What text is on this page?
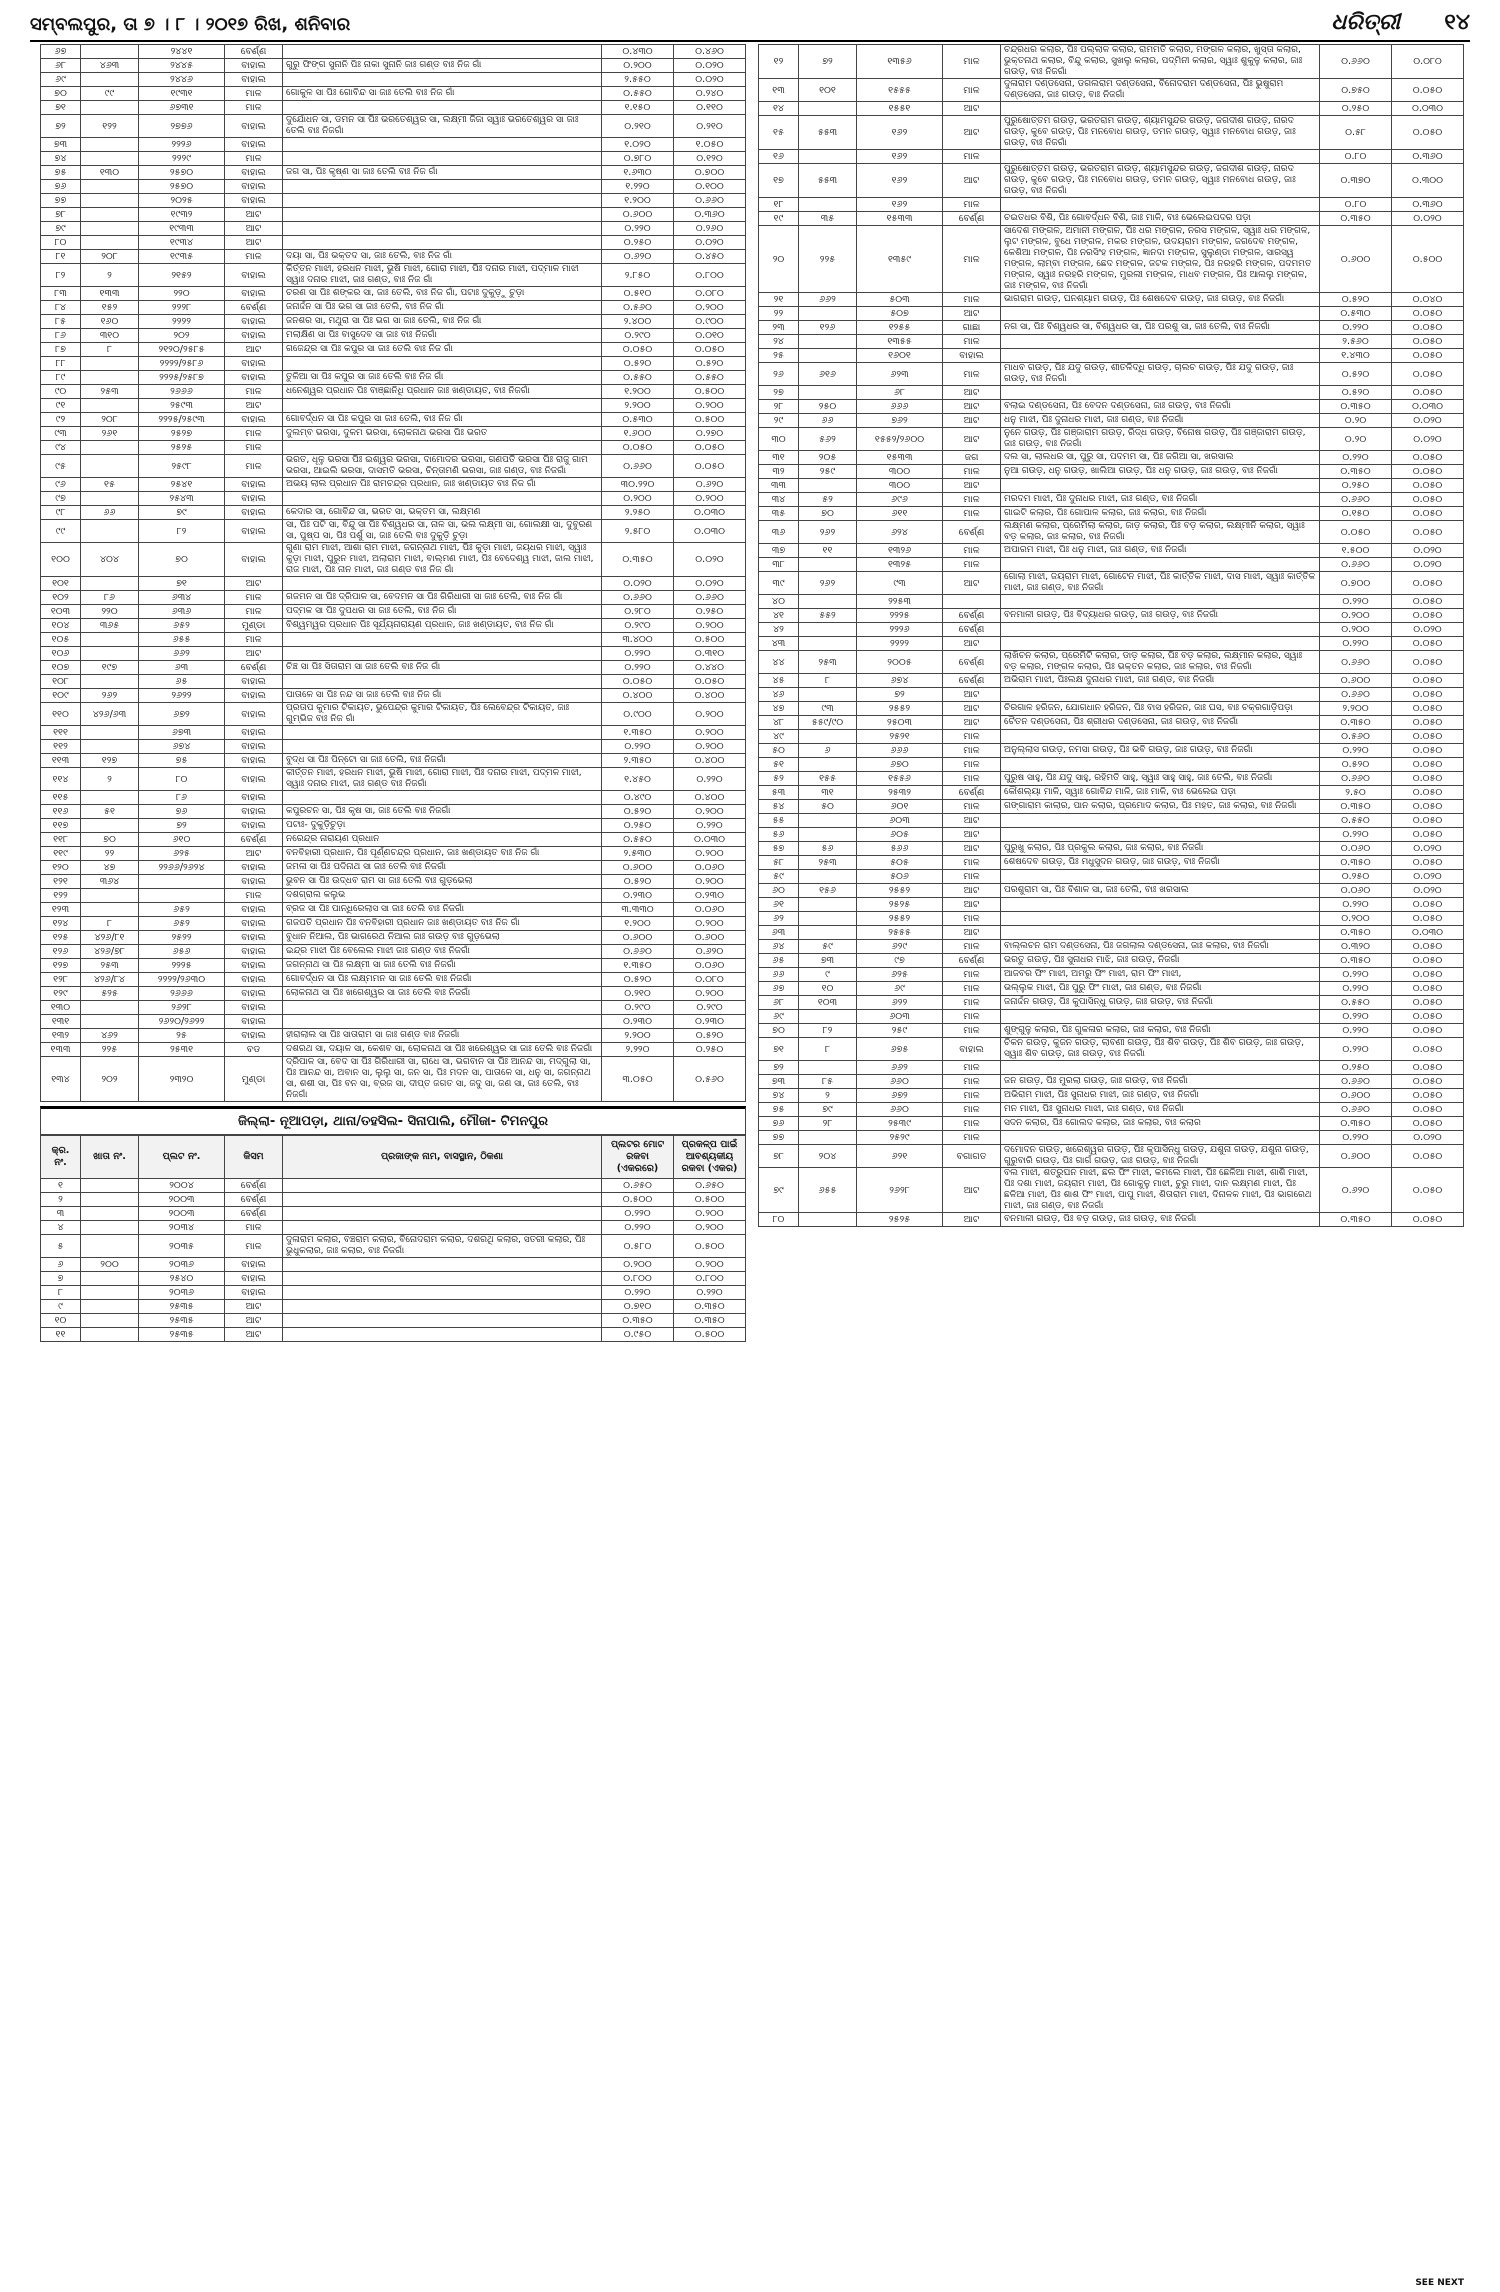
ସମ୍ବଲପୁର, ତା ୭ । ୮ । ୨୦୧୭ ରିଖ, ଶନିବାର	ଧରିତ୍ରୀ ୧୪
୬୭		୨୪୪୧	ବେର୍ଣ୍ଣ		୦.୪୩୦	୦.୪୬୦
୬୮	୪୬୩	୨୪୪୫	ବାହାଲ	ଗୁରୁ ଫିଙ୍ଗ ସୁନାନି ପିଃ ନାକା ସୁନାନି ଜାଃ ଗଣ୍ଡ ବାଃ ନିଜ ଗାଁ	୦.୨୦୦	୦.୦୨୦
୬୯		୨୪୪୬	ବାହାଲ		୨.୫୫୦	୦.୦୨୦
୭୦	୯୯	୧୯୩୧	ମାଳ	ଗୋକୁଳ ସା ପିଃ ଗୋବିନ୍ଦ ସା ଜାଃ ତେଲି ବାଃ ନିଜ ଗାଁ	୦.୫୫୦	୦.୨୪୦
୭୧		୬୭୩୧	ମାଳ		୧.୧୫୦	୦.୧୧୦
୭୨	୧୨୨	୨୭୭୬	ବାହାଲ	ଦୁର୍ଯୋଧନ ସା, ଡମନ ସା ପିଃ ଭରତେଶ୍ୱର ସା, ଲକ୍ଷ୍ମୀ ଜିଜା ସ୍ୱାଃ ଭରତେଶ୍ୱର ସା ଜାଃ ତେଲି ବାଃ ନିଜଗାଁ	୦.୨୧୦	୦.୨୧୦
୭୩		୨୨୨୬	ବାହାଲ		୧.୦୨୦	୧.୦୫୦
୭୪		୨୨୨୯	ମାଳ		୦.୭୮୦	୦.୧୨୦
୭୫	୧୩୦	୨୫୭୦	ବାହାଲ	ଜଗ ସା, ପିଃ କୃଷ୍ଣ ସା ଜାଃ ତେଲି ବାଃ ନିଜ ଗାଁ	୧.୬୩୦	୦.୭୦୦
୭୬		୨୫୭୦	ବାହାଲ		୧.୨୨୦	୦.୧୦୦
୭୭		୨୦୨୫	ବାହାଲ		୧.୨୦୦	୦.୬୬୦
୭୮		୧୯୩୨	ଆଟ		୦.୬୦୦	୦.୩୬୦
୭୯		୧୯୩୩	ଆଟ		୦.୨୨୦	୦.୨୬୦
୮୦		୧୯୩୪	ଆଟ		୦.୨୫୦	୦.୦୨୦
୮୧	୨୦୮	୧୯୩୫	ମାଳ	ଦୟା ସା, ପିଃ ଭକ୍ତଦ ସା, ଜାଃ ତେଲି, ବାଃ ନିଜ ଗାଁ	୦.୬୨୦	୦.୪୫୦
୮୨	୨	୨୧୫୨	ବାହାଲ	କିର୍ତ୍ତନ ମାଝୀ, ହରଧନ ମାଝୀ, ଭୁଷି ମାଝୀ, ଗୋରା ମାଝୀ, ପିଃ ଦନାର ମାଝୀ, ପଦ୍ମାଳ ମାଝୀ ସ୍ୱାଃ ଦନାର ମାଝୀ, ଜାଃ ଗଣ୍ଡ, ବାଃ ନିଜ ଗାଁ	୨.୮୫୦	୦.୮୦୦
୮୩	୧୩୩	୨୨୦	ବାହାଲ	ଚରଣ ସା ପିଃ ଶଙ୍କର ସା, ଜାଃ ତେଲି, ବାଃ ନିଜ ଗାଁ, ପଟାଃ ଦୁକୁଡ଼ୁ ଚୁଡ଼ା	୦.୫୧୦	୦.୦୮୦
୮୪	୧୫୨	୨୨୨୮	ବେର୍ଣ୍ଣ	ଜନାର୍ଦ୍ଦନ ସା ପିଃ ଭଗ ସା ଜାଃ ତେଲି, ବାଃ ନିଜ ଗାଁ	୦.୫୬୦	୦.୨୦୦
୮୫	୧୬୦	୨୨୨୨	ବାହାଲ	ଜନଶର ସା, ମଥୁରା ସା ପିଃ ଭଗ ସା ଜାଃ ତେଲି, ବାଃ ନିଜ ଗାଁ	୨.୪୦୦	୦.୯୦୦
୮୬	୩୧୦	୨୦୨	ବାହାଲ	ମଲାକ୍ଷିଣ ସା ପିଃ ବାସୁଦେବ ସା ଜାଃ ବାଃ ନିଜଗାଁ	୦.୨୯୦	୦.୦୧୦
୮୭	୮	୨୧୨୦/୨୫୮୫	ଆଟ	ଗଜେନ୍ଦ୍ର ସା ପିଃ କପୁର ସା ଜାଃ ତେଲି ବାଃ ନିଜ ଗାଁ	୦.୦୫୦	୦.୦୫୦
୮୮		୨୨୨୨/୨୫୮୬	ବାହାଲ		୦.୫୨୦	୦.୫୨୦
୮୯		୨୨୨୫/୨୫୮୭	ବାହାଲ	ତୁଳିଆ ସା ପିଃ କପୁର ସା ଜାଃ ତେଲି ବାଃ ନିଜ ଗାଁ	୦.୫୫୦	୦.୫୫୦
୯୦	୨୫୩	୨୬୬୬	ମାଳ	ଧନେଶ୍ୱର ପ୍ରଧାନ ପିଃ ବାଞ୍ଛାନିଧି ପ୍ରଧାନ ଜାଃ ଖଣ୍ଡାୟତ, ବାଃ ନିଜଗାଁ	୧.୨୦୦	୦.୫୦୦
୯୧		୨୫୯୩	ଆଟ		୨.୨୦୦	୦.୨୦୦
୯୨	୨୦୮	୨୨୨୫/୨୫୯୩	ବାହାଲ	ଗୋବର୍ଦ୍ଧନ ସା ପିଃ କପୁର ସା ଜାଃ ତେଲି, ବାଃ ନିଜ ଗାଁ	୦.୫୩୦	୦.୫୦୦
୯୩	୨୬୧	୨୫୨୭	ମାଳ	ଦୁଲମ୍ବ ଭରସା, ଦୁଳମ ଭରସା, ଲୋକନାଥ ଭରସା ପିଃ ଭରତ	୧.୬୦୦	୦.୨୭୦
୯୪		୨୫୨୫	ମାଳ		୦.୦୫୦	୦.୦୫୦
୯୫		୨୫୯୮	ମାଳ	ଭରତ, ଧୂଳୁ ଭରସା ପିଃ ଇଶ୍ୱର ଭରସା, ଦାମୋଦର ଭରସା, ଗଣପତି ଭରସା ପିଃ ରାଜୁ ଗାମ ଭରସା, ଆଇଲି ଭରସା, ଦାସମତି ଭରସା, ଚିନ୍ତାମଣି ଭରସା, ଜାଃ ଗଣ୍ଡ, ବାଃ ନିଜଗାଁ	୦.୬୬୦	୦.୦୫୦
୯୬	୧୫	୨୫୪୧	ବାହାଲ	ଅଭୟ ଲାଲ ପ୍ରଧାନ ପିଃ ରାମଚନ୍ଦ୍ର ପ୍ରଧାନ, ଜାଃ ଖଣ୍ଡାୟତ ବାଃ ନିଜ ଗାଁ	୩୦.୨୨୦	୦.୬୨୦
୯୭		୨୫୪୩	ବାହାଲ		୦.୨୦୦	୦.୨୦୦
୯୮	୬୬	୭୯	ବାହାଲ	କେଦାର ସା, ଗୋବିନ୍ଦ ସା, ଭରତ ସା, ଭକ୍ତମ ସା, ଲକ୍ଷ୍ମଣ	୨.୨୫୦	୦.୦୩୦
୯୯		୮୨	ବାହାଲ	ସା, ପିଃ ପଟି ସା, ବିନ୍ଦୁ ସା ପିଃ ବିଶ୍ୱଧର ସା, ନାଳ ସା, ଭଲ ଲକ୍ଷ୍ମୀ ସା, ଗୋଲକ୍ଷୀ ସା, ଦୁବୁରଣ ସା, ପୁଷ୍ପ ସା, ପିଃ ପର୍ଶୁ ସା, ଜାଃ ତେଲି ବାଃ ଦୁକୁଡ଼ି ଚୁଡ଼ା	୨.୫୮୦	୦.୦୩୦
୧୦୦	୪୦୪	୭୦	ବାହାଲ	ଗୁଣା ରାମ ମାଝୀ, ଆଶା ରାମ ମାଝୀ, ଜଗନ୍ନାଥ ମାଝୀ, ପିଃ କୁଡ଼ା ମାଝୀ, ଜୟଧର ମାଝୀ, ସ୍ୱାଃ କୁଡ଼ା ମାଝୀ, ପୁରୁନ ମାଝୀ, ଅଲାରାମ ମାଝୀ, ବାଲ୍ମଣ ମାଝୀ, ପିଃ ବେଦେଶ୍ୱ ମାଝୀ, ଜାଲ ମାଝୀ, ରାଜ ମାଝୀ, ପିଃ ନାନ ମାଝୀ, ଜାଃ ଗଣ୍ଡ ବାଃ ନିଜ ଗାଁ	୦.୩୫୦	୦.୦୨୦
୧୦୧		୭୧	ଆଟ		୦.୦୨୦	୦.୦୨୦
୧୦୨	୮୬	୬୩୪	ମାଳ	ଗଜମନ ସା ପିଃ ଦ୍ରିପାଳ ସା, ବେଦମନ ସା ପିଃ ଗିରିଧାରୀ ସା ଜାଃ ତେଲି, ବାଃ ନିଜ ଗାଁ	୦.୬୬୦	୦.୬୬୦
୧୦୩	୨୨୦	୬୩୬	ମାଳ	ପଦ୍ମକ ସା ପିଃ ଦୁପଧର ସା ଜାଃ ତେଲି, ବାଃ ନିଜ ଗାଁ	୦.୨୮୦	୦.୨୫୦
୧୦୪	୩୬୫	୬୫୨	ମୁଣ୍ଡା	ବିଶ୍ୱମ୍ୱର ପ୍ରଧାନ ପିଃ ସୂର୍ଯ୍ୟନାରାୟଣ ପ୍ରଧାନ, ଜାଃ ଖଣ୍ଡାୟତ, ବାଃ ନିଜ ଗାଁ	୦.୨୯୦	୦.୨୦୦
୧୦୫		୬୫୫	ମାଳ		୩.୪୦୦	୦.୫୦୦
୧୦୬		୬୬୨	ଆଟ		୦.୨୨୦	୦.୩୧୦
୧୦୭	୧୯୭	୬୩	ବେର୍ଣ୍ଣ	ଚିଞ୍ଚ ସା ପିଃ ସିତାରାମ ସା ଜାଃ ତେଲି ବାଃ ନିଜ ଗାଁ	୦.୨୨୦	୦.୪୪୦
୧୦୮		୬୫	ବାହାଲ		୦.୦୫୦	୦.୦୫୦
୧୦୯	୨୬୨	୨୬୨୨	ବାହାଲ	ପାତାଳେ ସା ପିଃ ନନ୍ଦ ସା ଜାଃ ତେଲି ବାଃ ନିଜ ଗାଁ	୦.୪୦୦	୦.୪୦୦
୧୧୦	୪୨୬/୬୩	୬୭୨	ବାହାଲ	ପ୍ରତାପ କୁମାର ଟିକାୟତ, ଭୁପେନ୍ଦ୍ର କୁମାର ଟିକାୟତ, ପିଃ ଲେବେନ୍ଦ୍ର ଟିକାୟତ, ଜାଃ ଗୁମ୍ଭିଜ ବାଃ ନିଜ ଗାଁ	୦.୯୦୦	୦.୨୦୦
୧୧୧		୬୭୩	ବାହାଲ		୧.୩୫୦	୦.୨୦୦
୧୧୨		୬୭୪	ବାହାଲ		୦.୨୨୦	୦.୨୦୦
୧୧୩	୧୨୭	୭୫	ବାହାଲ	ବୁଦ୍ଧ ସା ପିଃ ପିନ୍ଟୋ ସା ଜାଃ ତେଲି, ବାଃ ନିଜଗାଁ	୨.୩୫୦	୦.୪୦୦
୧୧୪	୨	୮୦	ବାହାଲ	କୀର୍ତ୍ତନ ମାଝୀ, ହରଧନ ମାଝୀ, ଭୁଷି ମାଝୀ, ଗୋରା ମାଝୀ, ପିଃ ଦନାର ମାଝୀ, ପଦ୍ମଳ ମାଝୀ, ସ୍ୱାଃ ଦନାର ମାଝୀ, ଜାଃ ଗଣ୍ଡ ବାଃ ନିଜଗାଁ	୧.୪୫୦	୦.୨୨୦
୧୧୫		୮୬	ବାହାଲ		୦.୪୯୦	୦.୪୦୦
୧୧୬	୫୧	୭୬	ବାହାଲ	କପୁରଚନ ସା, ପିଃ କୃଷ ସା, ଜାଃ ତେଲି ବାଃ ନିଜଗାଁ	୦.୫୨୦	୦.୨୦୦
୧୧୭		୭୨	ବାହାଲ	ପଟାଃ- ଦୁକୁଡ଼ିଚୁଡ଼ା	୦.୨୫୦	୦.୨୨୦
୧୧୮	୭୦	୬୧୦	ବେର୍ଣ୍ଣ	ନରେନ୍ଦ୍ର ନାରାୟଣ ପ୍ରଧାନ	୦.୫୫୦	୦.୦୩୦
୧୧୯	୨୨	୬୨୫	ଆଟ	ବନବିହାରୀ ପ୍ରଧାନ, ପିଃ ପୂର୍ଣ୍ଣଚନ୍ଦ୍ର ପ୍ରଧାନ, ଜାଃ ଖଣ୍ଡାୟତ ବାଃ ନିଜ ଗାଁ	୨.୫୩୦	୦.୨୦୦
୧୨୦	୪୭	୨୨୬୬/୨୬୨୪	ବାହାଲ	ଜମଳା ସା ପିଃ ପଦିନାଥ ସା ଜାଃ ତେଲି ବାଃ ନିଜଗାଁ	୦.୬୦୦	୦.୦୬୦
୧୨୧	୩୬୪		ବାହାଲ	ଭୁବନ ସା ପିଃ ଉଦ୍ଧବ ରାମ ସା ଜାଃ ତେଲି ବାଃ ଗୁଡ଼ଭେଲା	୦.୫୨୦	୦.୨୦୦
୧୨୨			ମାଳ	ଦଶଗ୍ରାଲ କଲୁଭ	୦.୨୩୦	୦.୨୩୦
୧୨୩		୬୫୨	ବାହାଲ	ବ୍ରଜ ସା ପିଃ ପାନ୍ଧିରେଲାସ ସା ଜାଃ ତେଲି ବାଃ ନିଜଗାଁ	୩.୩୩୦	୦.୦୬୦
୧୨୪	୮	୬୫୨	ବାହାଲ	ଗଜପତି ପ୍ରଧାନ ପିଃ ବନବିହାରୀ ପ୍ରଧାନ ଜାଃ ଖଣ୍ଡାୟତ ବାଃ ନିଜ ଗାଁ	୧.୨୦୦	୦.୨୦୦
୧୨୫	୪୨୬/୮୧	୨୫୨୨	ବାହାଲ	ବୁଧାନ ନିଆଲ, ପିଃ ଭାଗରେଥ ନିଆଲ ଜାଃ ଗଉଡ଼ ବାଃ ଗୁଡ଼ଭେଲା	୦.୬୦୦	୦.୬୦୦
୧୨୬	୪୨୬/୭୮	୬୫୬	ବାହାଲ	ଇନ୍ଦ୍ର ମାଝୀ ପିଃ ବେଲେଲ ମାଝୀ ଜାଃ ଗଣ୍ଡ ବାଃ ନିଜଗାଁ	୦.୬୬୦	୦.୬୨୦
୧୨୭	୨୫୩	୨୨୨୫	ବାହାଲ	ଜଗନ୍ନାଥ ସା ପିଃ ଲକ୍ଷ୍ମୀ ସା ଜାଃ ତେଲି ବାଃ ନିଜଗାଁ	୧.୩୫୦	୦.୦୬୦
୧୨୮	୪୨୬/୮୪	୨୨୨୨/୨୬୩୦	ବାହାଲ	ଗୋବର୍ଦ୍ଧନ ସା ପିଃ ଲକ୍ଷ୍ମମନ ସା ଜାଃ ତେଲି ବାଃ ନିଜଗାଁ	୦.୫୨୦	୦.୦୮୦
୧୨୯	୫୨୫	୨୬୬୬	ବାହାଲ	ଲୋକନାଥ ସା ପିଃ ଖଗେଶ୍ୱର ସା ଜାଃ ତେଲି ବାଃ ନିଜଗାଁ	୦.୨୧୦	୦.୨୦୦
୧୩୦		୨୬୨୮	ବାହାଲ		୦.୨୯୦	୦.୨୯୦
୧୩୧		୨୬୨୦/୨୬୨୨	ବାହାଲ		୦.୨୩୦	୦.୨୩୦
୧୩୨	୪୬୨	୨୫	ବାହାଲ	ହୀରାଲାଲ ସା ପିଃ ସାତାରାମ ସା ଜାଃ ଗଣ୍ଡ ବାଃ ନିଜଗାଁ	୨.୨୦୦	୦.୫୨୦
୧୩୩	୨୨୫	୨୫୩୧	ବଡ	ଦଶରଥ ସା, ଦୟାଳ ସା, କେଶବ ସା, ଲୋକନାଥ ସା ପିଃ ଖରେଶ୍ୱର ସା ଜାଃ ତେଲି ବାଃ ନିଜଗାଁ	୨.୨୨୦	୦.୨୫୦
୧୩୪	୨୦୨	୨୩୨୦	ମୁଣ୍ଡା	ଦ୍ରିପାଳ ସା, ବେଦ ସା ପିଃ ଗିରିଧାରୀ ସା, ରାଧେ ସା, ଭଗବାନ ସା ପିଃ ଆନନ୍ଦ ସା, ମଦ୍ଗୁଲା ସା, ପିଃ ଆନନ୍ଦ ସା, ଅବାନ ସା, ଲୁଲୁ ସା, ଜନ ସା, ପିଃ ମଦନ ସା, ପାତାଳେ ସା, ଧନୁ ସା, ଜଗନ୍ନାଥ ସା, ଶଶୀ ସା, ପିଃ ବନ ସା, ବ୍ରଜ ସା, ଦୀପ୍ତ ଜଗତ ସା, ଜଦୁ ସା, ଜଣ ସା, ଜାଃ ତେଲି, ବାଃ ନିଜଗାଁ	୩.୦୫୦	୦.୫୬୦
ଜିଲ୍ଲା- ନୂଆପଡ଼ା, ଥାନା/ତହସିଲ- ସିନାପାଲି, ମୌଜା- ଟିମନପୁର
କ୍ର. ନଂ.	ଖାତା ନଂ.	ପ୍ଲଟ ନଂ.	କିସମ	ପ୍ରଜାଙ୍କ ନାମ, ବାସସ୍ଥାନ, ଠିକଣା	ପ୍ଲଟର ମୋଟ ରକବା (ଏକରରେ)	ପ୍ରକଳ୍ପ ପାଇଁ ଆବଶ୍ୟକୀୟ ରକବା (ଏକର)
୧		୨୦୦୪	ବେର୍ଣ୍ଣ		୦.୬୫୦	୦.୬୫୦
୨		୨୦୦୩	ବେର୍ଣ୍ଣ		୦.୫୦୦	୦.୫୦୦
୩		୨୦୦୩	ବେର୍ଣ୍ଣ		୦.୨୨୦	୦.୨୦୦
୪		୨୦୩୪	ମାଳ		୦.୨୨୦	୦.୨୦୦
୫		୨୦୩୫	ମାଳ	ଦୁଳାରାମ କଲାର, ବଞ୍ଚରାମ କଲାର, ବିନୋଦରାମ କଲାର, ଦଶରଥି କଲାର, ସତରୀ କଲାର, ପିଃ ଭୁଧୁକଲାର, ଜାଃ କଲାର, ବାଃ ନିଜଗାଁ	୦.୫୮୦	୦.୫୦୦
୬	୨୦୦	୨୦୩୬	ବାହାଲ		୦.୨୦୦	୦.୨୦୦
୭		୨୫୪୦	ବାହାଲ		୦.୮୦୦	୦.୮୦୦
୮		୨୦୩୬	ବାହାଲ		୦.୨୨୦	୦.୨୨୦
୯		୨୫୩୫	ଆଟ		୦.୭୧୦	୦.୩୫୦
୧୦		୨୫୩୫	ଆଟ		୦.୩୫୦	୦.୩୫୦
୧୧		୨୫୩୫	ଆଟ		୦.୯୫୦	୦.୫୦୦
୧୨	୭୨	୧୩୫୬	ମାଳ	ଚନ୍ଦ୍ରଧର କଲାର, ପିଃ ପଲ୍ଲାଳ କଲାର, ରାମମତି କଲାର, ମଙ୍ଗଳ କଲାର, ଖୁସ୍ତା କଲାର, ଭୁକ୍ତନାଥ କଲାର, ବିନ୍ଦୁ କଲାର, ସୁଖଲୁ କଲାର, ପଦ୍ମିନୀ କଲାର, ସ୍ୱାଃ ଶୁକୁଳୁ କଲାର, ଜାଃ ଗଉଡ଼, ବାଃ ନିଜଗାଁ	୦.୬୬୦	୦.୦୮୦
୧୩	୧୦୧	୧୫୫୫	ମାଳ	ଦୁଳାରାମ ଦଣ୍ଡସେନା, ଡଗଲରାମ ଦଣ୍ଡସେନା, ବିନୋଦରାମ ଦଣ୍ଡସେନା, ପିଃ ଭୁଷୁରାମ ଦଣ୍ଡସେନା, ଜାଃ ଗଉଡ଼, ବାଃ ନିଜଗାଁ	୦.୭୫୦	୦.୦୫୦
୧୪		୧୫୫୧	ଆଟ		୦.୨୫୦	୦.୦୩୦
୧୫	୫୫୩	୧୬୨	ଆଟ	ପୁରୁଷୋତ୍ତମ ଗଉଡ଼, ଭରତରାମ ଗଉଡ଼, ଶ୍ୟାମସୁନ୍ଦର ଗଉଡ଼, ଜଗଦୀଶ ଗଉଡ଼, ନାରଦ ଗଉଡ଼, କୁବେ ଗଉଡ଼, ପିଃ ମନବୋଧ ଗଉଡ଼, ଡମନ ଗଉଡ଼, ସ୍ୱାଃ ମନବୋଧ ଗଉଡ଼, ଜାଃ ଗଉଡ଼, ବାଃ ନିଜଗାଁ	୦.୫୮	୦.୦୫୦
୧୬		୧୬୨	ମାଳ		୦.୮୦	୦.୩୬୦
୧୭	୫୫୩	୧୬୨	ଆଟ	ପୁରୁଷୋତ୍ତମ ଗଉଡ଼, ଭରତରାମ ଗଉଡ଼, ଶ୍ୟାମସୁନ୍ଦର ଗଉଡ଼, ଜଗଦୀଶ ଗଉଡ଼, ନାରଦ ଗଉଡ଼, କୁବେ ଗଉଡ଼, ପିଃ ମନବୋଧ ଗଉଡ଼, ଡମନ ଗଉଡ଼, ସ୍ୱାଃ ମନବୋଧ ଗଉଡ଼, ଜାଃ ଗଉଡ଼, ବାଃ ନିଜଗାଁ	୦.୩୭୦	୦.୩୦୦
୧୮		୧୬୨	ମାଳ		୦.୮୦	୦.୩୬୦
୧୯	୩୫	୧୫୩୩	ବେର୍ଣ୍ଣ	ଚଇତଧର ବିଶି, ପିଃ ଗୋବର୍ଦ୍ଧନ ବିଶି, ଜାଃ ମାଳି, ବାଃ ଭେଲେଇପଦର ପଡ଼ା	୦.୩୫୦	୦.୦୨୦
୨୦	୨୨୫	୧୩୫୯	ମାଳ	ସାଦେଶ ମଙ୍ଗଳ, ଅମାନୀ ମଙ୍ଗଳ, ପିଃ ଧର ମଙ୍ଗଳ, ନରସ ମଙ୍ଗଳ, ସ୍ୱାଃ ଧର ମଙ୍ଗଳ, ଲୁଟ ମଙ୍ଗଳ, ବୁଧେ ମଙ୍ଗଳ, ମକର ମଙ୍ଗଳ, ଉଦୟରାମ ମଙ୍ଗଳ, ଜଗଦେବ ମଙ୍ଗଳ, କେଶିଆ ମଙ୍ଗଳ, ପିଃ ନରସିଂହ ମଙ୍ଗଳ, ଜ୍ଞାନଦା ମଙ୍ଗଳ, ସୁଲୁଣ୍ଡା ମଙ୍ଗଳ, ସାରସ୍ୱ ମଙ୍ଗଳ, ଲାମ୍ବା ମଙ୍ଗଳ, ଛେଦ ମଙ୍ଗଳ, ଜଟକ ମଙ୍ଗଳ, ପିଃ ନରହରି ମଙ୍ଗଳ, ପଦମମତ ମଙ୍ଗଳ, ସ୍ୱାଃ ନରହରି ମଙ୍ଗଳ, ମୁରଲୀ ମଙ୍ଗଳ, ମାଧବ ମଙ୍ଗଳ, ପିଃ ଆଲଲୁ ମଙ୍ଗଳ, ଜାଃ ମଙ୍ଗଳ, ବାଃ ନିଜଗାଁ	୦.୬୦୦	୦.୫୦୦
୨୧	୬୬୨	୫୦୩	ମାଳ	ଭାଗରାମ ଗଉଡ଼, ଘନଶ୍ୟାମ ଗଉଡ଼, ପିଃ ଶେଷଦେବ ଗଉଡ଼, ଜାଃ ଗଉଡ଼, ବାଃ ନିଜଗାଁ	୦.୫୨୦	୦.୦୪୦
୨୨		୫୦୭	ଆଟ		୦.୫୩୦	୦.୦୫୦
୨୩	୧୨୬	୧୨୫୫	ଗାଛା	ନଗ ସା, ପିଃ ବିଶ୍ୱଧର ସା, ବିଶ୍ୱଧର ସା, ପିଃ ପରଶୁ ସା, ଜାଃ ତେଲି, ବାଃ ନିଜଗାଁ	୦.୨୨୦	୦.୦୫୦
୨୪		୧୩୫୫	ମାଳ		୨.୫୬୦	୦.୦୫୦
୨୫		୧୬୦୧	ବାହାଲ		୧.୪୩୦	୦.୦୫୦
୨୬	୬୧୬	୬୨୩	ମାଳ	ମାଧବ ଗଉଡ଼, ପିଃ ଯଦୁ ଗଉଡ଼, ଶୀତଳିଦ୍ଧି ଗଉଡ଼, ଚାଲଚ ଗଉଡ଼, ପିଃ ଯଦୁ ଗଉଡ଼, ଜାଃ ଗଉଡ଼, ବାଃ ନିଜଗାଁ	୦.୫୨୦	୦.୦୫୦
୨୭		୬୮	ଆଟ		୦.୫୨୦	୦.୦୫୦
୨୮	୨୫୦	୬୬୬	ଆଟ	ବଲାଇ ଦଣ୍ଡସେନା, ପିଃ ବେଦନ ଦଣ୍ଡସେନା, ଜାଃ ଗଉଡ଼, ବାଃ ନିଜଗାଁ	୦.୩୫୦	୦.୦୩୦
୨୯	୬୬	୭୬୨	ଆଟ	ଧନୁ ମାଝୀ, ପିଃ ଦୁନାଧର ମାଝୀ, ଜାଃ ଗଣ୍ଡ, ବାଃ ନିଜଗାଁ	୦.୨୦	୦.୦୨୦
୩୦	୫୬୨	୧୫୫୨/୨୬୦୦	ଆଟ	ନୁନେ ଗଉଡ଼, ପିଃ ଗଞ୍ଜାରାମ ଗଉଡ଼, ରିଦ୍ଧ ଗଉଡ଼, ବିନୋଷ ଗଉଡ଼, ପିଃ ଗଞ୍ଜାରାମ ଗଉଡ଼, ଜାଃ ଗଉଡ଼, ବାଃ ନିଜଗାଁ	୦.୨୦	୦.୦୨୦
୩୧	୨୦୫	୧୫୩୩	ଜଗ	ଦଲ ସା, ଲାଲଧର ସା, ପୁରୁ ସା, ପଦମମ ସା, ପିଃ ଜଗିଆ ସା, ଖରସାଲ	୦.୨୨୦	୦.୦୫୦
୩୨	୨୫୯	୩୦୦	ମାଳ	ନୁଆ ଗଉଡ଼, ଧନୁ ଗଉଡ଼, ଖାଲିଆ ଗଉଡ଼, ପିଃ ଧନୁ ଗଉଡ଼, ଜାଃ ଗଉଡ଼, ବାଃ ନିଜଗାଁ	୦.୩୫୦	୦.୦୫୦
୩୩		୩୦୦	ଆଟ		୦.୨୫୦	୦.୦୫୦
୩୪	୫୨	୬୯୬	ମାଳ	ମରଦମ ମାଝୀ, ପିଃ ଦୁନାଧର ମାଝୀ, ଜାଃ ଗଣ୍ଡ, ବାଃ ନିଜଗାଁ	୦.୬୬୦	୦.୦୫୦
୩୫	୭୦	୬୧୧	ମାଳ	ଗାଇଟି କଲାର, ପିଃ ଗୋପାଳ କଲାର, ଜାଃ କଲାର, ବାଃ ନିଜଗାଁ	୦.୧୫୦	୦.୦୫୦
୩୬	୨୬୨	୬୨୪	ବେର୍ଣ୍ଣ	ଲକ୍ଷ୍ମଣ କଲାର, ପ୍ରେମିଲା କଲାର, ଜାଡ଼ କଲାର, ପିଃ ବଡ଼ କଲାର, ଲକ୍ଷ୍ମୀନି କଲାର, ସ୍ୱାଃ ବଡ଼ କଲାର, ଜାଃ କଲାର, ବାଃ ନିଜଗାଁ	୦.୦୫୦	୦.୦୫୦
୩୭	୧୧	୧୩୨୬	ମାଳ	ଅପାରମ ମାଝୀ, ପିଃ ଧନୁ ମାଝୀ, ଜାଃ ଗଣ୍ଡ, ବାଃ ନିଜଗାଁ	୧.୫୦୦	୦.୦୨୦
୩୮		୧୩୨୫	ମାଳ		୦.୬୬୦	୦.୦୨୦
୩୯	୨୬୨	୯୩	ଆଟ	ଗୋଲା ମାଝୀ, ଜୟରାମ ମାଝୀ, ଗୋଟେନ ମାଝୀ, ପିଃ କାର୍ତ୍ତିକ ମାଝୀ, ଦାସ ମାଝୀ, ସ୍ୱାଃ କାର୍ତ୍ତିକ ମାଝୀ, ଜାଃ ଗଣ୍ଡ, ବାଃ ନିଜଗାଁ	୦.୭୦୦	୦.୦୫୦
୪୦		୨୨୫୩			୦.୨୨୦	୦.୦୫୦
୪୧	୫୫୨	୨୨୨୫	ବେର୍ଣ୍ଣ	ବନମାଳୀ ଗଉଡ଼, ପିଃ ବିଦ୍ୟାଧର ଗଉଡ଼, ଜାଃ ଗଉଡ଼, ବାଃ ନିଜଗାଁ	୦.୨୦୦	୦.୦୫୦
୪୨		୨୨୨୬	ବେର୍ଣ୍ଣ		୦.୨୦୦	୦.୦୨୦
୪୩		୨୨୨୨	ଆଟ		୦.୨୨୦	୦.୦୫୦
୪୪	୨୫୩	୨୦୦୫	ବେର୍ଣ୍ଣ	ଲାଖିଚନ କଲାର, ପ୍ରେମିଟି କଲାର, ଡାଡ଼ କଲାର, ପିଃ ବଡ଼ କଲାର, ଲକ୍ଷ୍ମୀନ କଲାର, ସ୍ୱାଃ ବଡ଼ କଲାର, ମଙ୍ଗଳ କଲାର, ପିଃ ଭକ୍ତନ କଲାର, ଜାଃ କଲାର, ବାଃ ନିଜଗାଁ	୦.୬୬୦	୦.୦୫୦
୪୫	୮	୬୭୪	ବେର୍ଣ୍ଣ	ଅଭିରାମ ମାଝୀ, ପିଃଲକ୍ଷ ଦୁନାଧର ମାଝୀ, ଜାଃ ଗଣ୍ଡ, ବାଃ ନିଜଗାଁ	୦.୬୦୦	୦.୦୫୦
୪୬		୭୨	ଆଟ		୦.୬୬୦	୦.୦୫୦
୪୭	୯୩	୨୫୫୨	ଆଟ	ଚିରଗାଳ ହରିଜନ, ଯୋଗଧାନ ହରିଜନ, ପିଃ ବାସ ହରିଜନ, ଜାଃ ଘସ, ବାଃ ଚକ୍ରଗାଡ଼ିପଡ଼ା	୨.୨୦୦	୦.୦୫୦
୪୮	୫୫୯/୯୦	୨୫୦୩	ଆଟ	ଚୈତନ ଦଣ୍ଡସେନା, ପିଃ ଶ୍ରୀଧର ଦଣ୍ଡସେନା, ଜାଃ ଗଉଡ଼, ବାଃ ନିଜଗାଁ	୦.୩୫୦	୦.୦୫୦
୪୯		୨୫୨୧	ମାଳ		୦.୫୬୦	୦.୦୫୦
୫୦	୬	୬୬୬	ମାଳ	ଅନୁଲ୍ଲାସ ଗଉଡ଼, ନମସା ଗଉଡ଼, ପିଃ ଭବି ଗଉଡ଼, ଜାଃ ଗଉଡ଼, ବାଃ ନିଜଗାଁ	୦.୨୨୦	୦.୦୫୦
୫୧		୬୭୦	ମାଳ		୦.୫୨୦	୦.୦୫୦
୫୨	୧୫୫	୧୫୫୬	ମାଳ	ପୁରୁଷ ସାହୁ, ପିଃ ଯଦୁ ସାହୁ, ରହିମତି ସାହୁ, ସ୍ୱାଃ ସାହୁ ସାହୁ, ଜାଃ ତେଲି, ବାଃ ନିଜଗାଁ	୦.୬୬୦	୦.୦୫୦
୫୩	୩୧	୨୫୩୨	ବେର୍ଣ୍ଣ	କୌଶଲ୍ୟା ମାଳି, ସ୍ୱାଃ ଗୋବିନ୍ଦ ମାଳି, ଜାଃ ମାଳି, ବାଃ ଭେଲେଇ ପଡ଼ା	୨.୫୦	୦.୦୫୦
୫୪	୫୦	୬୦୧	ମାଳ	ଗଙ୍ଗାରାମ କାଲାର, ପାନ କଲାର, ପ୍ରମୋଦ କଲାର, ପିଃ ମହତ, ଜାଃ କଲାର, ବାଃ ନିଜଗାଁ	୦.୩୫୦	୦.୦୫୦
୫୫		୬୦୩	ଆଟ		୦.୫୫୦	୦.୦୫୦
୫୬		୬୦୫	ଆଟ		୦.୨୨୦	୦.୦୫୦
୫୭	୫୬	୫୬୬	ଆଟ	ପୁରୁଖୁ କଲାର, ପିଃ ପ୍ରକୁଲ କଲାର, ଜାଃ କଲାର, ବାଃ ନିଜଗାଁ	୦.୦୬୦	୦.୦୨୦
୫୮	୨୫୩	୫୦୫	ମାଳ	ଶେଷଦେବ ଗଉଡ଼, ପିଃ ମଧୁସୁଦନ ଗଉଡ଼, ଜାଃ ଗଉଡ଼, ବାଃ ନିଜଗାଁ	୦.୩୫୦	୦.୦୫୦
୫୯		୫୦୬	ମାଳ		୦.୨୫୦	୦.୦୨୦
୬୦	୧୫୬	୨୫୫୨	ଆଟ	ପରଶୁରାମ ସା, ପିଃ ବିଶାଳ ସା, ଜାଃ ତେଲି, ବାଃ ଖରସାଲ	୦.୦୬୦	୦.୦୨୦
୬୧		୨୫୨୫	ଆଟ		୦.୨୨୦	୦.୦୫୦
୬୨		୨୫୫୨	ମାଳ		୦.୨୦୦	୦.୦୫୦
୬୩		୨୫୫୫	ଆଟ		୦.୩୫୦	୦.୦୩୦
୬୪	୫୯	୬୨୯	ମାଳ	ବାଲ୍ଲଚନ ରାମ ଦଣ୍ଡସେନା, ପିଃ ଜଗଲାଲ ଦଣ୍ଡସେନା, ଜାଃ କଲାର, ବାଃ ନିଜଗାଁ	୦.୩୨୦	୦.୦୫୦
୬୫	୭୩	୯୭	ବେର୍ଣ୍ଣ	ଭରତୁ ଗଉଡ଼, ପିଃ ସୁନାଧର ମାଝି, ଜାଃ ଗଉଡ଼, ନିଜଗାଁ	୦.୩୫୦	୦.୦୫୦
୬୬	୯	୬୨୫	ମାଳ	ଆଜବର ଫିଂ ମାଝୀ, ଅମରୁ ଫିଂ ମାଝୀ, ରାମ ଫିଂ ମାଝୀ,	୦.୨୨୦	୦.୦୫୦
୬୭	୧୦	୬୯	ମାଳ	ଭଲ୍ଲୁକ ମାଝୀ, ପିଃ ପୁରୁ ଫିଂ ମାଝୀ, ଜାଃ ଗଣ୍ଡ, ବାଃ ନିଜଗାଁ	୦.୨୨୦	୦.୦୫୦
୬୮	୧୦୩	୬୨୨	ମାଳ	ଜନାର୍ଦ୍ଦନ ଗଉଡ଼, ପିଃ କୁପାସିନ୍ଧୁ ଗଉଡ଼, ଜାଃ ଗଉଡ଼, ବାଃ ନିଜଗାଁ	୦.୫୫୦	୦.୦୫୦
୬୯		୬୦୩	ମାଳ		୦.୨୨୦	୦.୦୫୦
୭୦	୮୨	୨୫୯	ମାଳ	ଶୁଙ୍ଗୁଳୁ କଲାର, ପିଃ ଗୁକଳାର କଲାର, ଜାଃ କଲାର, ବାଃ ନିଜଗାଁ	୦.୨୨୦	୦.୦୫୦
୭୧	୮	୬୭୫	ବାହାଲ	ଚିକନ ଗଉଡ଼, କୁଜନ ଗଉଡ଼, ଲାବଣୀ ଗଉଡ଼, ପିଃ ଶିବ ଗଉଡ଼, ପିଃ ଶିବ ଗଉଡ଼, ଜାଃ ଗଉଡ଼, ସ୍ୱାଃ ଶିବ ଗଉଡ଼, ଜାଃ ଗଉଡ଼, ବାଃ ନିଜଗାଁ	୦.୨୨୦	୦.୦୫୦
୭୨		୬୬୨	ମାଳ		୦.୨୫୦	୦.୦୫୦
୭୩	୮୫	୬୬୦	ମାଳ	ଜନ ଗଉଡ଼, ପିଃ ମୁରଲା ଗଉଡ଼, ଜାଃ ଗଉଡ଼, ବାଃ ନିଜଗାଁ	୦.୬୬୦	୦.୦୫୦
୭୪	୨	୬୭୨	ମାଳ	ଅଭିରାମ ମାଝୀ, ପିଃ ସୁନାଧର ମାଝୀ, ଜାଃ ଗଣ୍ଡ, ବାଃ ନିଜଗାଁ	୦.୬୦୦	୦.୦୫୦
୭୫	୭୯	୬୬୦	ମାଳ	ମନ ମାଝୀ, ପିଃ ସୁନାଧର ମାଝୀ, ଜାଃ ଗଣ୍ଡ, ବାଃ ନିଜଗାଁ	୦.୬୬୦	୦.୦୫୦
୭୬	୨୮	୨୫୩୯	ମାଳ	ସଦନ କଲାର, ପିଃ ଗୋଲଦ କଲାର, ଜାଃ କଲାର, ବାଃ କଲାର	୦.୩୫୦	୦.୦୫୦
୭୭		୨୫୨୯	ମାଳ		୦.୨୨୦	୦.୦୨୦
୭୮	୨୦୪	୬୨୧	ବଗାଗତ	ଦମୋଦନ ଗଉଡ଼, ଖରେଶ୍ୱର ଗଉଡ଼, ପିଃ କୃପାସିନ୍ଧୁ ଗଉଡ଼, ଯଶୁନା ଗଉଡ଼, ଯଶୁନା ଗଉଡ଼, ଗୁରୁବାରି ଗଉଡ଼, ପିଃ ଗାର୍ଗ ଗଉଡ଼, ଜାଃ ଗଉଡ଼, ବାଃ ନିଜଗାଁ	୦.୬୦୦	୦.୦୫୦
୭୯	୬୫୫	୨୬୨୮	ଆଟ	ବଲ ମାଝୀ, ଶତ୍ରୁଘନ ମାଝୀ, ଛଲ ଫିଂ ମାଝୀ, କମଲେ ମାଝୀ, ପିଃ ଛେଳିଆ ମାଝୀ, ଶାଶି ମାଝୀ, ପିଃ ଦଶା ମାଝୀ, ଜୟରାମ ମାଝୀ, ପିଃ ଗୋକୁଳୁ ମାଝୀ, ଚୁରୁ ମାଝୀ, ଦାନ ଲକ୍ଷ୍ମଣ ମାଝୀ, ପିଃ ଛଳିଆ ମାଝୀ, ପିଃ ଶାଶ ଫିଂ ମାଝୀ, ପାପୁ ମାଝୀ, ଶିତାରାମ ମାଝୀ, ଦିନାଳକ ମାଝୀ, ପିଃ ଭାଗରେଥ ମାଝୀ, ଜାଃ ଗଣ୍ଡ, ବାଃ ନିଜଗାଁ	୦.୬୨୦	୦.୦୫୦
୮୦		୨୫୨୫	ଆଟ	ବନମାଳୀ ଗଉଡ଼, ପିଃ ବଡ଼ ଗଉଡ଼, ଜାଃ ଗଉଡ଼, ବାଃ ନିଜଗାଁ	୦.୩୫୦	୦.୦୫୦
SEE NEXT
